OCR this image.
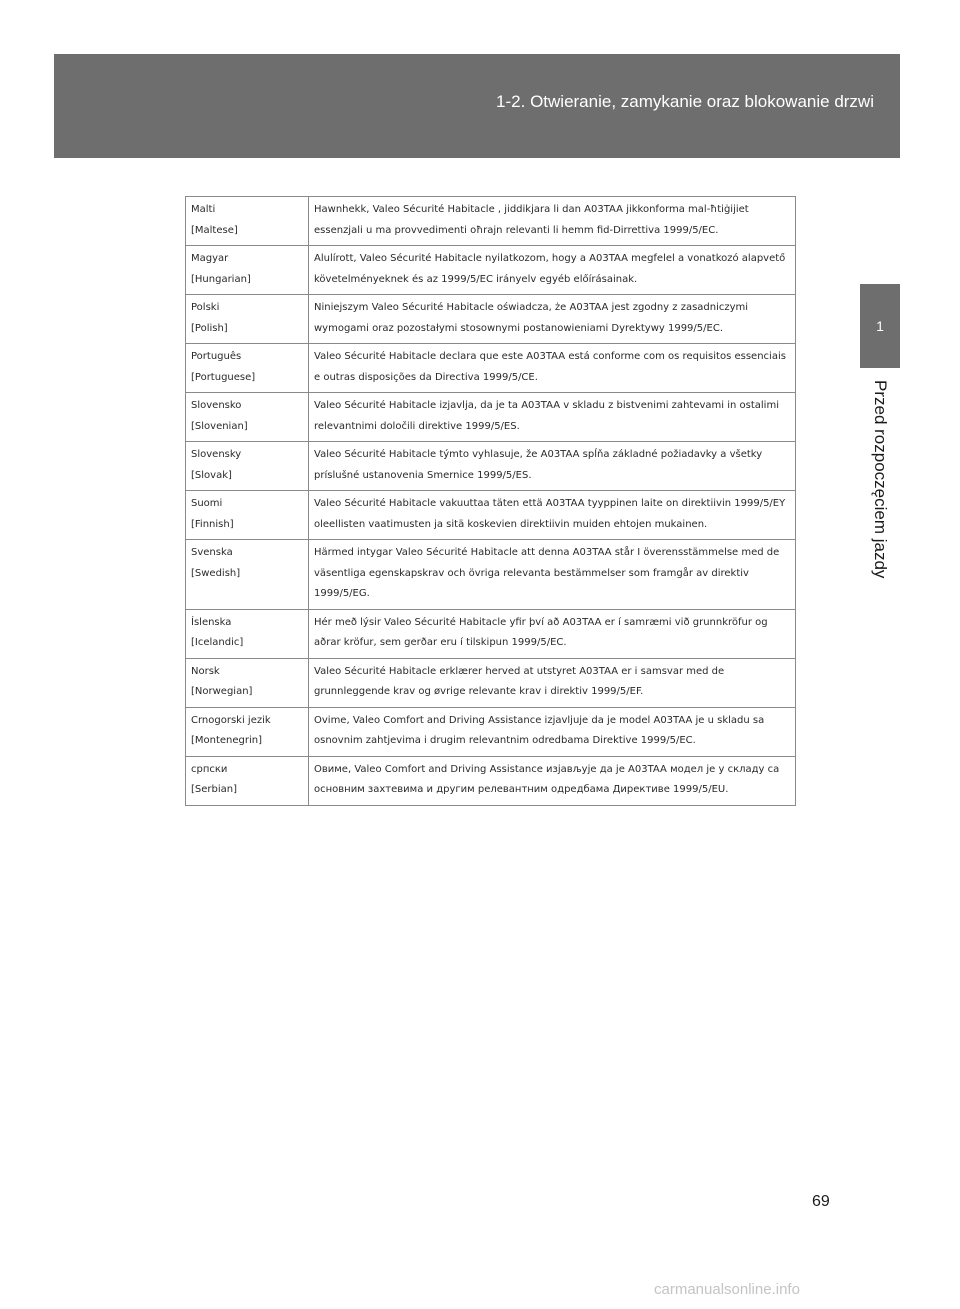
1-2. Otwieranie, zamykanie oraz blokowanie drzwi
1
Przed rozpoczęciem jazdy
Malti
[Maltese]	Hawnhekk, Valeo Sécurité Habitacle , jiddikjara li dan A03TAA jikkonforma mal-ħtiġijiet essenzjali u ma provvedimenti oħrajn relevanti li hemm fid-Dirrettiva 1999/5/EC.

Magyar
[Hungarian]	Alulírott, Valeo Sécurité Habitacle nyilatkozom, hogy a A03TAA megfelel a vonatkozó alapvető követelményeknek és az 1999/5/EC irányelv egyéb előírásainak.

Polski
[Polish]	Niniejszym Valeo Sécurité Habitacle oświadcza, że A03TAA jest zgodny z zasadniczymi wymogami oraz pozostałymi stosownymi postanowieniami Dyrektywy 1999/5/EC.

Português
[Portuguese]	Valeo Sécurité Habitacle declara que este A03TAA está conforme com os requisitos essenciais e outras disposições da Directiva 1999/5/CE.

Slovensko
[Slovenian]	Valeo Sécurité Habitacle izjavlja, da je ta A03TAA v skladu z bistvenimi zahtevami in ostalimi relevantnimi določili direktive 1999/5/ES.

Slovensky
[Slovak]	Valeo Sécurité Habitacle týmto vyhlasuje, že A03TAA spĺňa základné požiadavky a všetky príslušné ustanovenia Smernice 1999/5/ES.

Suomi
[Finnish]	Valeo Sécurité Habitacle vakuuttaa täten että A03TAA tyyppinen laite on direktiivin 1999/5/EY oleellisten vaatimusten ja sitä koskevien direktiivin muiden ehtojen mukainen.

Svenska
[Swedish]	Härmed intygar Valeo Sécurité Habitacle att denna A03TAA står I överensstämmelse med de väsentliga egenskapskrav och övriga relevanta bestämmelser som framgår av direktiv 1999/5/EG.

Íslenska
[Icelandic]	Hér með lýsir Valeo Sécurité Habitacle yfir því að A03TAA er í samræmi við grunnkröfur og aðrar kröfur, sem gerðar eru í tilskipun 1999/5/EC.

Norsk
[Norwegian]	Valeo Sécurité Habitacle erklærer herved at utstyret A03TAA er i samsvar med de grunnleggende krav og øvrige relevante krav i direktiv 1999/5/EF.

Crnogorski jezik
[Montenegrin]	Ovime, Valeo Comfort and Driving Assistance izjavljuje da je model A03TAA je u skladu sa osnovnim zahtjevima i drugim relevantnim odredbama Direktive 1999/5/EC.

српски
[Serbian]	Овиме, Valeo Comfort and Driving Assistance изјављује да је A03TAA модел је у складу са основним захтевима и другим релевантним одредбама Директиве 1999/5/EU.
69
carmanualsonline.info
